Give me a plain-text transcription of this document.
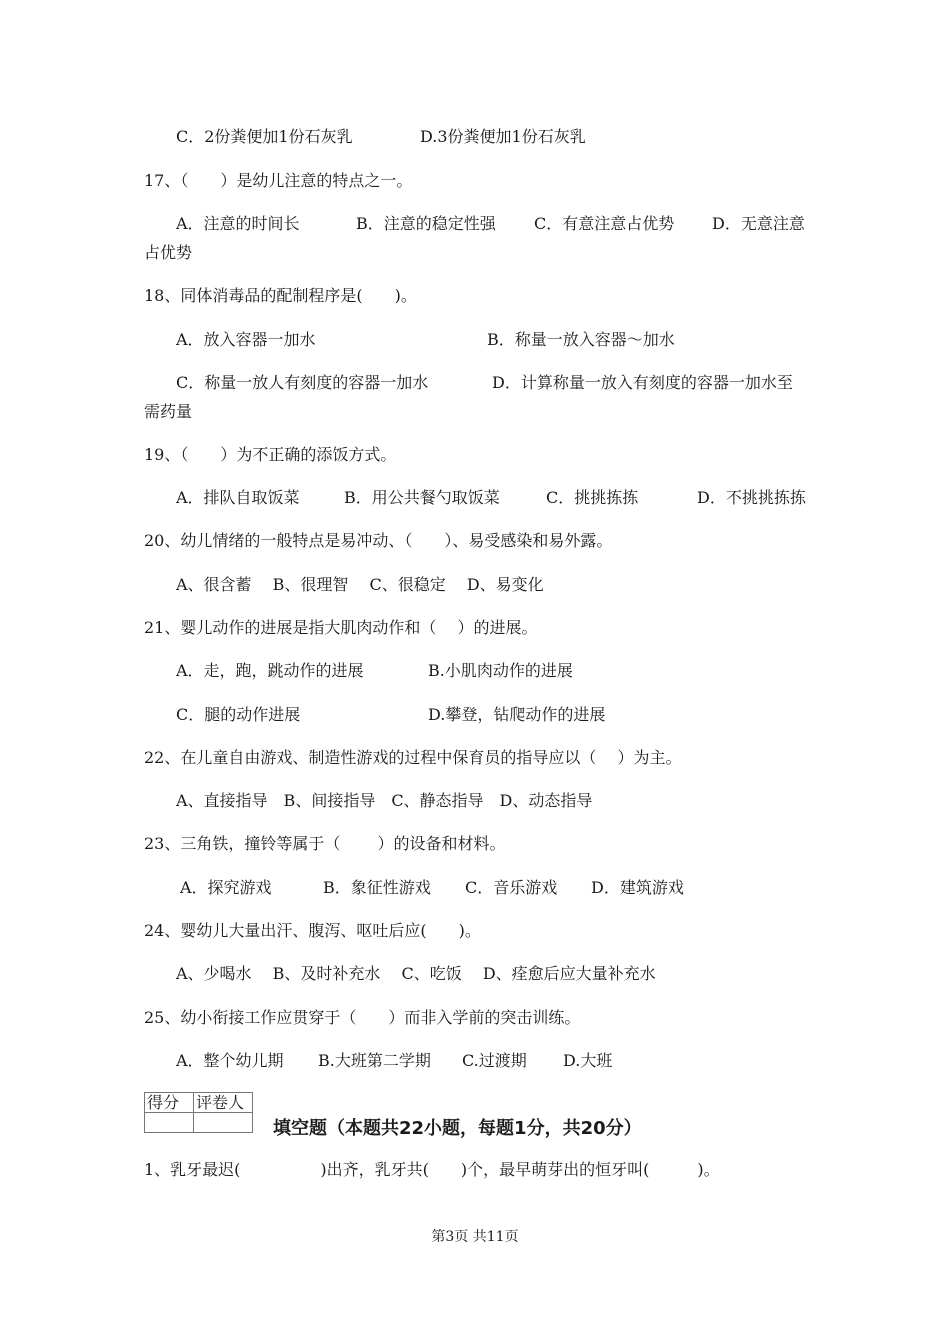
C．2份粪便加1份石灰乳	D.3份粪便加1份石灰乳
17、（　　）是幼儿注意的特点之一。
A．注意的时间长	B．注意的稳定性强 C．有意注意占优势 D．无意注意
占优势
18、同体消毒品的配制程序是(　　)。
A．放入容器一加水	B．称量一放入容器～加水
C．称量一放人有刻度的容器一加水	D．计算称量一放入有刻度的容器一加水至
需药量
19、（　　）为不正确的添饭方式。
A．排队自取饭菜	B．用公共餐勺取饭菜	C．挑挑拣拣	D．不挑挑拣拣
20、幼儿情绪的一般特点是易冲动、（　　）、易受感染和易外露。
A、很含蓄　 B、很理智　 C、很稳定　 D、易变化
21、婴儿动作的进展是指大肌肉动作和（　 ）的进展。
A．走，跑，跳动作的进展	B.小肌肉动作的进展
C．腿的动作进展	D.攀登，钻爬动作的进展
22、在儿童自由游戏、制造性游戏的过程中保育员的指导应以（　 ）为主。
A、直接指导　B、间接指导　C、静态指导　D、动态指导
23、三角铁，撞铃等属于（　　 ）的设备和材料。
A．探究游戏	B．象征性游戏 C．音乐游戏 D．建筑游戏
24、婴幼儿大量出汗、腹泻、呕吐后应(　　)。
A、少喝水　 B、及时补充水　 C、吃饭　 D、痊愈后应大量补充水
25、幼小衔接工作应贯穿于（　　）而非入学前的突击训练。
A．整个幼儿期 B.大班第二学期 C.过渡期 D.大班
得分	评卷人

填空题（本题共22小题，每题1分，共20分）
1、乳牙最迟(　　　　　)出齐，乳牙共(　　)个，最早萌芽出的恒牙叫(　　　)。
第3页 共11页
